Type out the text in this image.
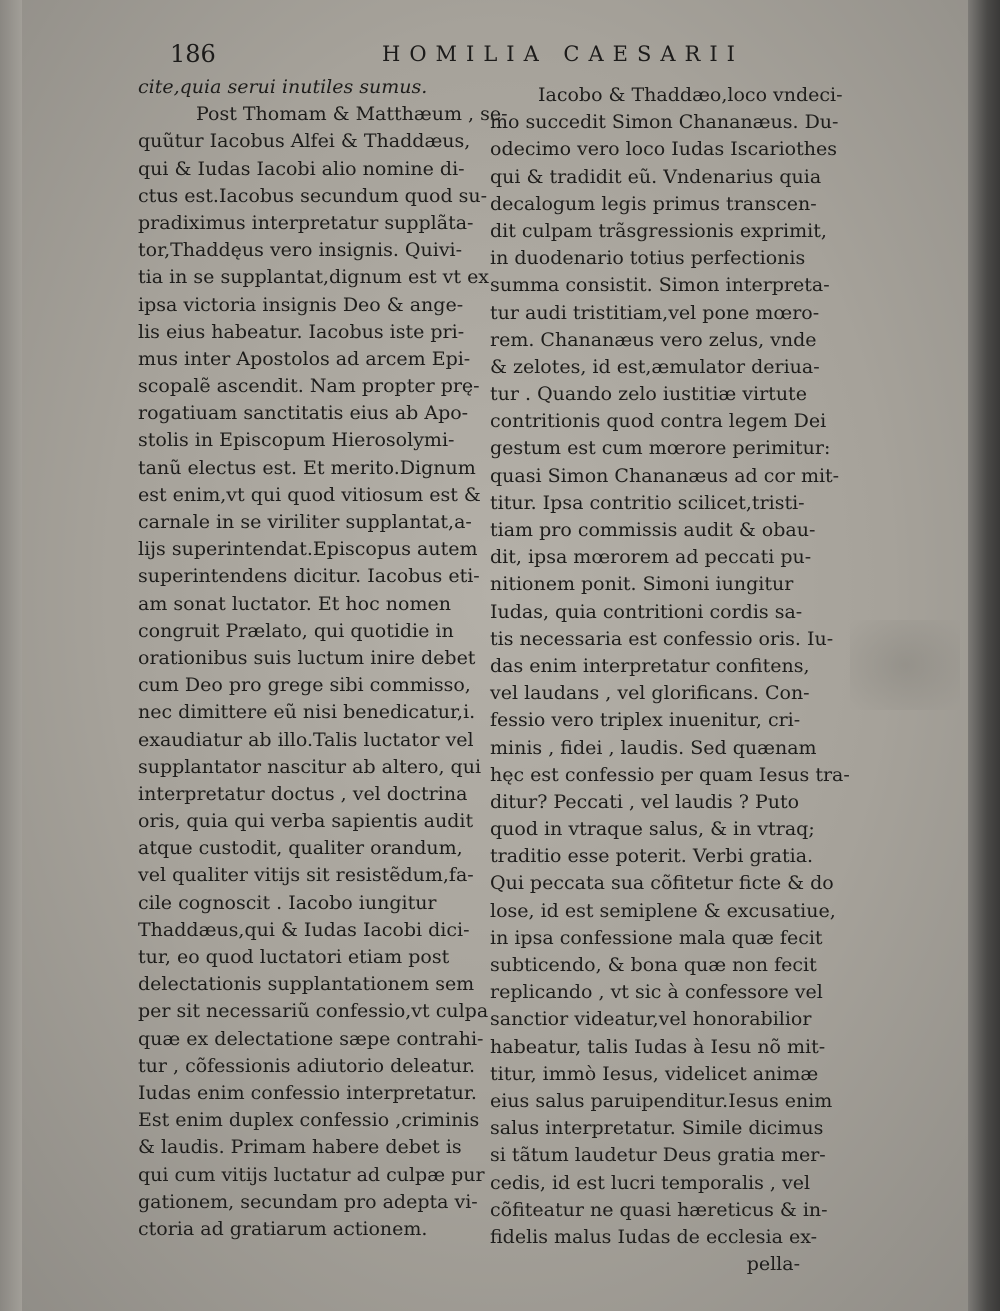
186	HOMILIA CAESARII
cite,quia serui inutiles sumus.
Post Thomam & Matthæum , se-
quũtur Iacobus Alfei & Thaddæus,
qui & Iudas Iacobi alio nomine di-
ctus est.Iacobus secundum quod su-
pradiximus interpretatur supplãta-
tor,Thaddęus vero insignis. Quivi-
tia in se supplantat,dignum est vt ex
ipsa victoria insignis Deo & ange-
lis eius habeatur. Iacobus iste pri-
mus inter Apostolos ad arcem Epi-
scopalẽ ascendit. Nam propter prę-
rogatiuam sanctitatis eius ab Apo-
stolis in Episcopum Hierosolymi-
tanũ electus est. Et merito.Dignum
est enim,vt qui quod vitiosum est &
carnale in se viriliter supplantat,a-
lijs superintendat.Episcopus autem
superintendens dicitur. Iacobus eti-
am sonat luctator. Et hoc nomen
congruit Prælato, qui quotidie in
orationibus suis luctum inire debet
cum Deo pro grege sibi commisso,
nec dimittere eũ nisi benedicatur,i.
exaudiatur ab illo.Talis luctator vel
supplantator nascitur ab altero, qui
interpretatur doctus , vel doctrina
oris, quia qui verba sapientis audit
atque custodit, qualiter orandum,
vel qualiter vitijs sit resistẽdum,fa-
cile cognoscit . Iacobo iungitur
Thaddæus,qui & Iudas Iacobi dici-
tur, eo quod luctatori etiam post
delectationis supplantationem sem
per sit necessariũ confessio,vt culpa
quæ ex delectatione sæpe contrahi-
tur , cõfessionis adiutorio deleatur.
Iudas enim confessio interpretatur.
Est enim duplex confessio ,criminis
& laudis. Primam habere debet is
qui cum vitijs luctatur ad culpæ pur
gationem, secundam pro adepta vi-
ctoria ad gratiarum actionem.
Iacobo & Thaddæo,loco vndeci-
mo succedit Simon Chananæus. Du-
odecimo vero loco Iudas Iscariothes
qui & tradidit eũ. Vndenarius quia
decalogum legis primus transcen-
dit culpam trãsgressionis exprimit,
in duodenario totius perfectionis
summa consistit. Simon interpreta-
tur audi tristitiam,vel pone mœro-
rem. Chananæus vero zelus, vnde
& zelotes, id est,æmulator deriua-
tur . Quando zelo iustitiæ virtute
contritionis quod contra legem Dei
gestum est cum mœrore perimitur:
quasi Simon Chananæus ad cor mit-
titur. Ipsa contritio scilicet,tristi-
tiam pro commissis audit & obau-
dit, ipsa mœrorem ad peccati pu-
nitionem ponit. Simoni iungitur
Iudas, quia contritioni cordis sa-
tis necessaria est confessio oris. Iu-
das enim interpretatur confitens,
vel laudans , vel glorificans. Con-
fessio vero triplex inuenitur, cri-
minis , fidei , laudis. Sed quænam
hęc est confessio per quam Iesus tra-
ditur? Peccati , vel laudis ? Puto
quod in vtraque salus, & in vtraq;
traditio esse poterit. Verbi gratia.
Qui peccata sua cõfitetur ficte & do
lose, id est semiplene & excusatiue,
in ipsa confessione mala quæ fecit
subticendo, & bona quæ non fecit
replicando , vt sic à confessore vel
sanctior videatur,vel honorabilior
habeatur, talis Iudas à Iesu nõ mit-
titur, immò Iesus, videlicet animæ
eius salus paruipenditur.Iesus enim
salus interpretatur. Simile dicimus
si tãtum laudetur Deus gratia mer-
cedis, id est lucri temporalis , vel
cõfiteatur ne quasi hæreticus & in-
fidelis malus Iudas de ecclesia ex-
pella-
